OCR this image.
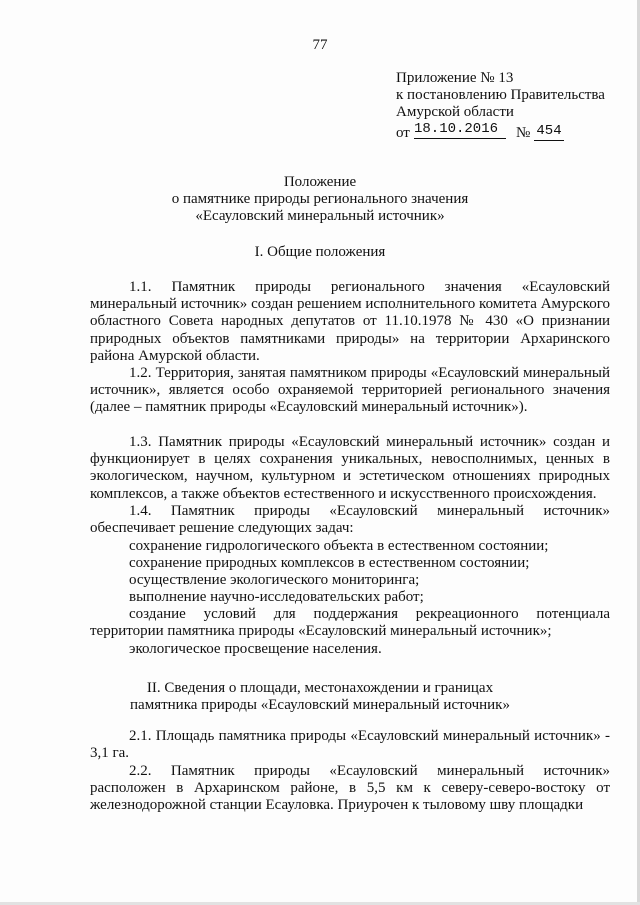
77
Приложение № 13
к постановлению Правительства
Амурской области
от 18.10.2016	№ 454
Положение
о памятнике природы регионального значения
«Есауловский минеральный источник»
I. Общие положения
1.1. Памятник природы регионального значения «Есауловский минеральный источник» создан решением исполнительного комитета Амурского областного Совета народных депутатов от 11.10.1978 № 430 «О признании природных объектов памятниками природы» на территории Архаринского района Амурской области.
1.2. Территория, занятая памятником природы «Есауловский минеральный источник», является особо охраняемой территорией регионального значения (далее – памятник природы «Есауловский минеральный источник»).
1.3. Памятник природы «Есауловский минеральный источник» создан и функционирует в целях сохранения уникальных, невосполнимых, ценных в экологическом, научном, культурном и эстетическом отношениях природных комплексов, а также объектов естественного и искусственного происхождения.
1.4. Памятник природы «Есауловский минеральный источник» обеспечивает решение следующих задач:
сохранение гидрологического объекта в естественном состоянии;
сохранение природных комплексов в естественном состоянии;
осуществление экологического мониторинга;
выполнение научно-исследовательских работ;
создание условий для поддержания рекреационного потенциала территории памятника природы «Есауловский минеральный источник»;
экологическое просвещение населения.
II. Сведения о площади, местонахождении и границах
памятника природы «Есауловский минеральный источник»
2.1. Площадь памятника природы «Есауловский минеральный источник» - 3,1 га.
2.2. Памятник природы «Есауловский минеральный источник» расположен в Архаринском районе, в 5,5 км к северу-северо-востоку от железнодорожной станции Есауловка. Приурочен к тыловому шву площадки
